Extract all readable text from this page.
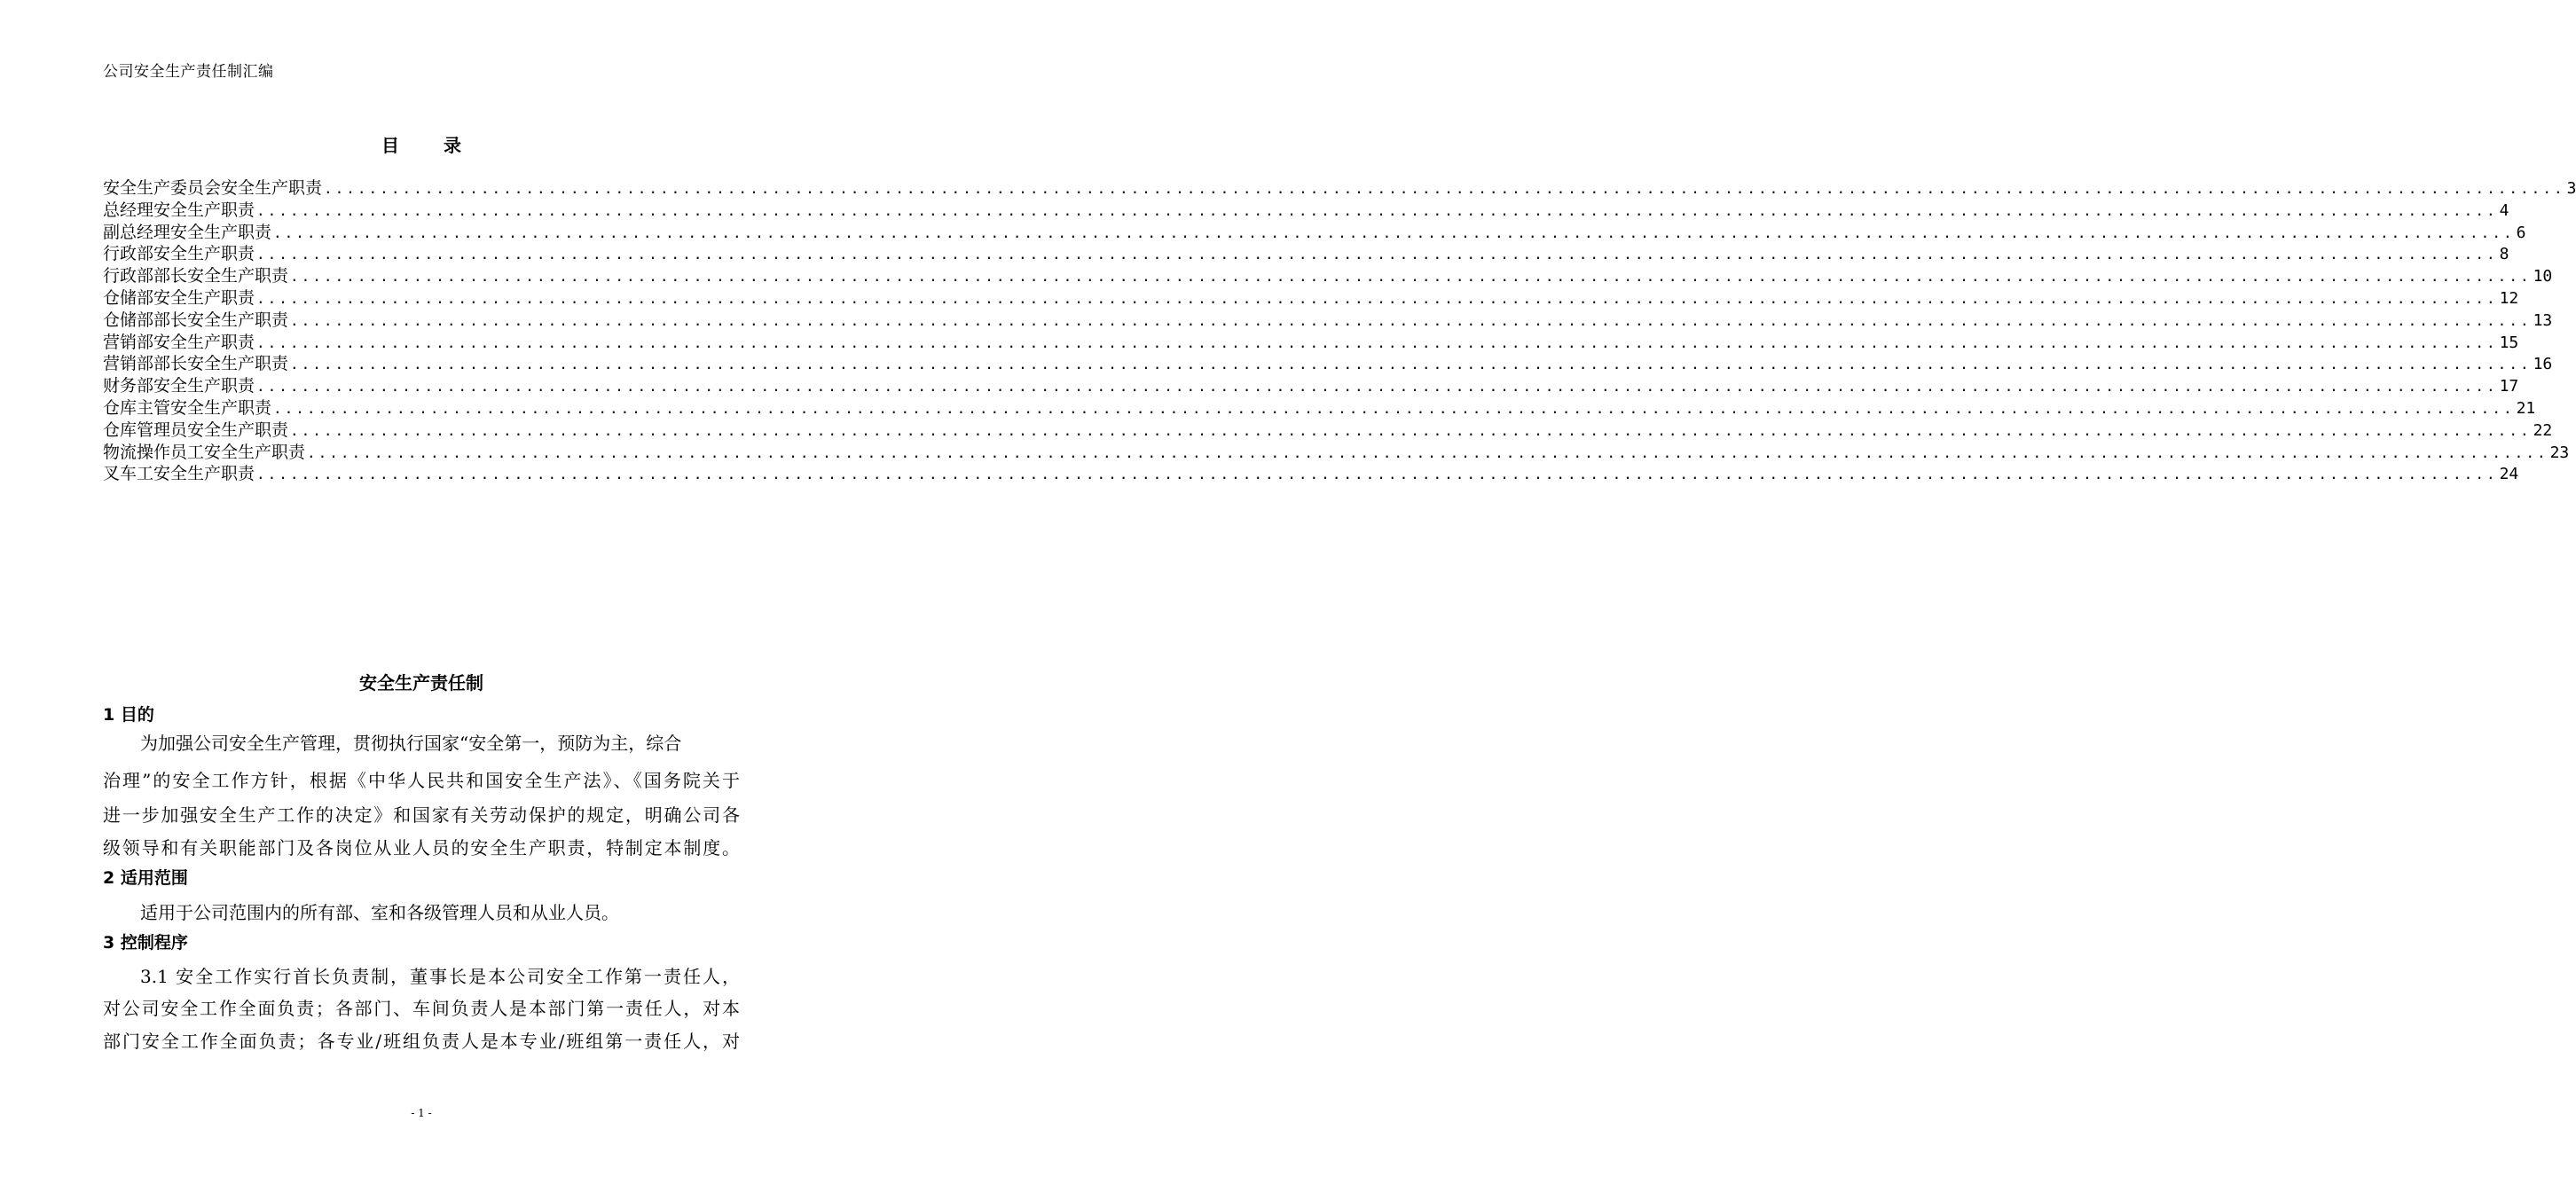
公司安全生产责任制汇编
目	录
安全生产委员会安全生产职责 ........................................................................................................................................................................................................ 3
总经理安全生产职责 ........................................................................................................................................................................................................ 4
副总经理安全生产职责 ........................................................................................................................................................................................................ 6
行政部安全生产职责 ........................................................................................................................................................................................................ 8
行政部部长安全生产职责 ........................................................................................................................................................................................................ 10
仓储部安全生产职责 ........................................................................................................................................................................................................ 12
仓储部部长安全生产职责 ........................................................................................................................................................................................................ 13
营销部安全生产职责 ........................................................................................................................................................................................................ 15
营销部部长安全生产职责 ........................................................................................................................................................................................................ 16
财务部安全生产职责 ........................................................................................................................................................................................................ 17
仓库主管安全生产职责 ........................................................................................................................................................................................................ 21
仓库管理员安全生产职责 ........................................................................................................................................................................................................ 22
物流操作员工安全生产职责 ........................................................................................................................................................................................................ 23
叉车工安全生产职责 ........................................................................................................................................................................................................ 24
安全生产责任制
1 目的
为加强公司安全生产管理，贯彻执行国家“安全第一，预防为主，综合
治理”的安全工作方针，根据《中华人民共和国安全生产法》、《国务院关于
进一步加强安全生产工作的决定》和国家有关劳动保护的规定，明确公司各
级领导和有关职能部门及各岗位从业人员的安全生产职责，特制定本制度。
2 适用范围
适用于公司范围内的所有部、室和各级管理人员和从业人员。
3 控制程序
3.1 安全工作实行首长负责制，董事长是本公司安全工作第一责任人，
对公司安全工作全面负责；各部门、车间负责人是本部门第一责任人，对本
部门安全工作全面负责；各专业/班组负责人是本专业/班组第一责任人，对
- 1 -
